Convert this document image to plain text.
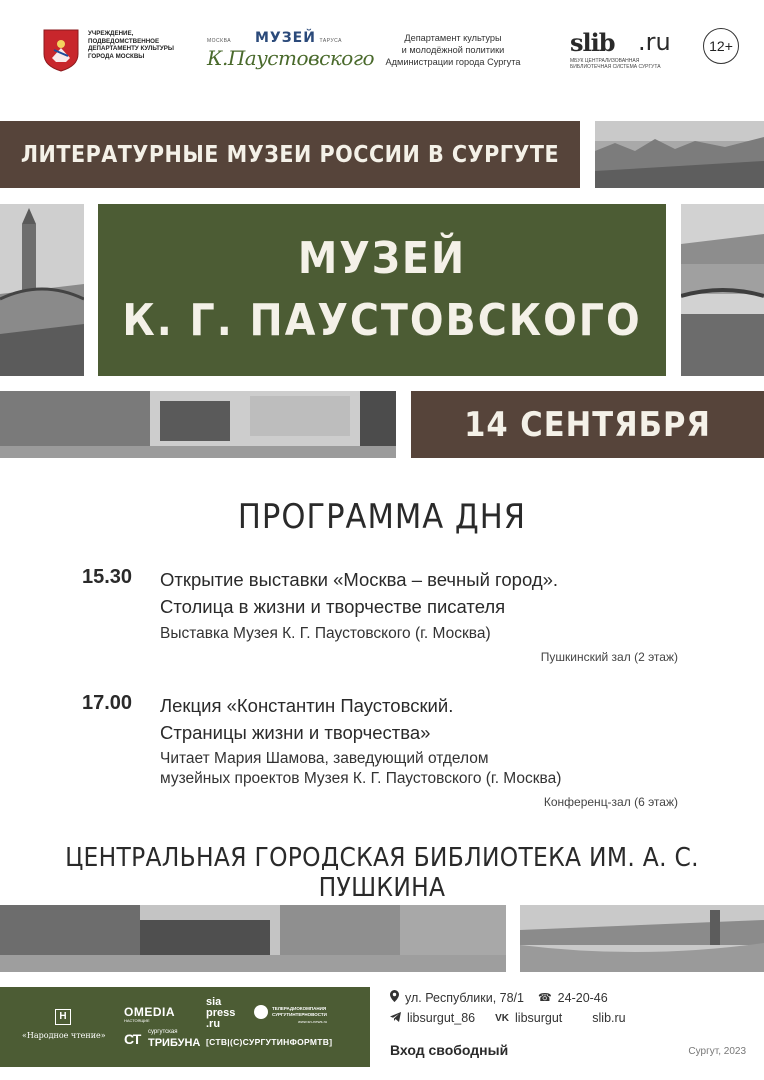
УЧРЕЖДЕНИЕ, ПОДВЕДОМСТВЕННОЕ ДЕПАРТАМЕНТУ КУЛЬТУРЫ ГОРОДА МОСКВЫ
МОСКВА МУЗЕЙ ТАРУСА
К.Паустовского
Департамент культуры
и молодёжной политики
Администрации города Сургута
slib .ru
МБУК ЦЕНТРАЛИЗОВАННАЯ БИБЛИОТЕЧНАЯ СИСТЕМА СУРГУТА
12+
ЛИТЕРАТУРНЫЕ МУЗЕИ РОССИИ В СУРГУТЕ
МУЗЕЙ
К. Г. ПАУСТОВСКОГО
14 СЕНТЯБРЯ
ПРОГРАММА ДНЯ
15.30 Открытие выставки «Москва – вечный город».
Столица в жизни и творчестве писателя
Выставка Музея К. Г. Паустовского (г. Москва)
Пушкинский зал (2 этаж)
17.00 Лекция «Константин Паустовский.
Страницы жизни и творчества»
Читает Мария Шамова, заведующий отделом
музейных проектов Музея К. Г. Паустовского (г. Москва)
Конференц-зал (6 этаж)
ЦЕНТРАЛЬНАЯ ГОРОДСКАЯ БИБЛИОТЕКА ИМ. А. С. ПУШКИНА
Н
«Народное чтение»
OMEDIA
НАСТОЯЩИЕ
sia
press
.ru
ТЕЛЕРАДИОКОМПАНИЯ СУРГУТИНТЕРНОВОСТИ
www.sn-news.ru
СТ сургутская
ТРИБУНА [СТВ|(С)СУРГУТИНФОРМТВ]
ул. Республики, 78/1 ☎ 24-20-46
libsurgut_86 VK libsurgut slib.ru
Вход свободный	Сургут, 2023
